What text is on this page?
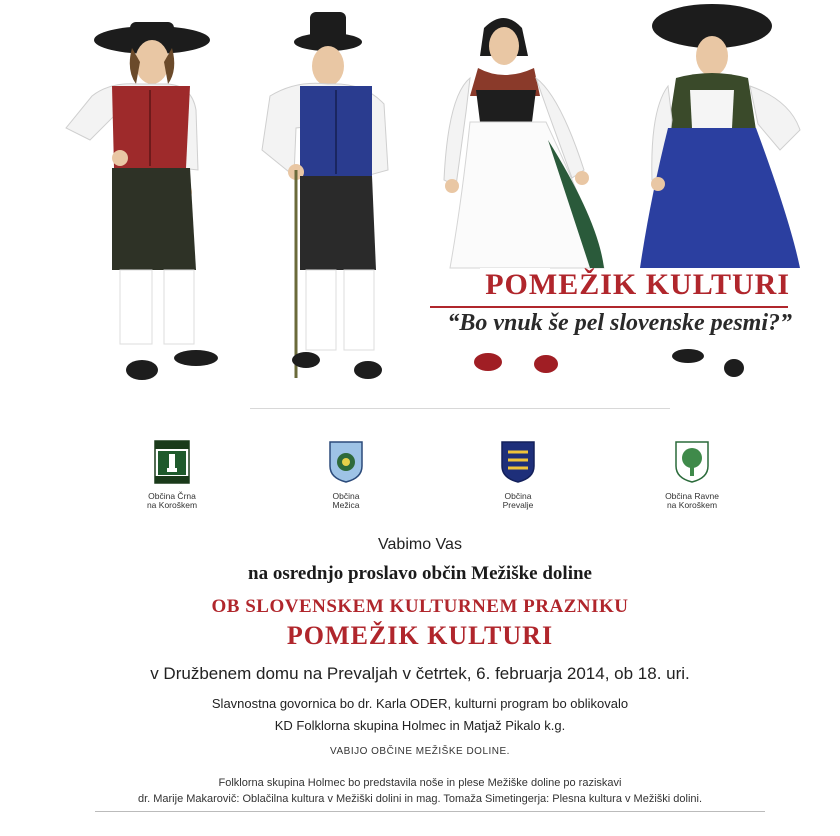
POMEŽIK KULTURI
“Bo vnuk še pel slovenske pesmi?”
Občina Črna
na Koroškem
Občina
Mežica
Občina
Prevalje
Občina Ravne
na Koroškem
Vabimo Vas
na osrednjo proslavo občin Mežiške doline
OB SLOVENSKEM KULTURNEM PRAZNIKU
POMEŽIK KULTURI
v Družbenem domu na Prevaljah v četrtek, 6. februarja 2014, ob 18. uri.
Slavnostna govornica bo dr. Karla ODER, kulturni program bo oblikovalo
KD Folklorna skupina Holmec in Matjaž Pikalo k.g.
VABIJO OBČINE MEŽIŠKE DOLINE.
Folklorna skupina Holmec bo predstavila noše in plese Mežiške doline po raziskavi
dr. Marije Makarovič: Oblačilna kultura v Mežiški dolini in mag. Tomaža Simetingerja: Plesna kultura v Mežiški dolini.
